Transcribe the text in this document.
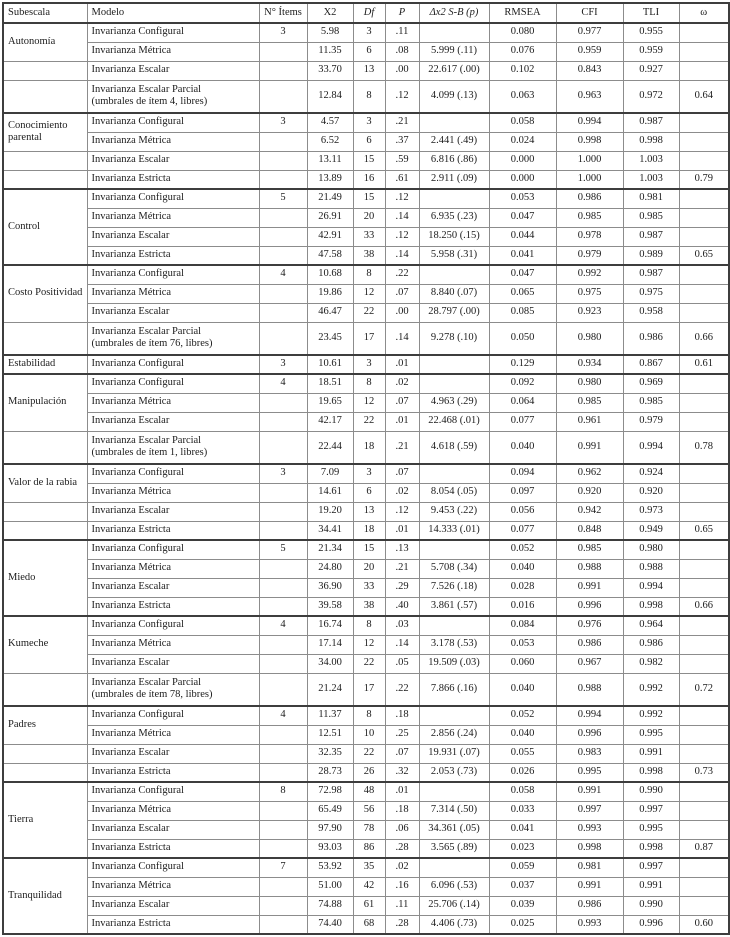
Subescala	Modelo	N° Ítems	X2	Df	P	Δx2 S-B (p)	RMSEA	CFI	TLI	ω
Autonomía	Invarianza Configural	3	5.98	3	.11		0.080	0.977	0.955	
	Invarianza Métrica		11.35	6	.08	5.999 (.11)	0.076	0.959	0.959	
	Invarianza Escalar		33.70	13	.00	22.617 (.00)	0.102	0.843	0.927	
	Invarianza Escalar Parcial
(umbrales de ítem 4, libres)		12.84	8	.12	4.099 (.13)	0.063	0.963	0.972	0.64
Conocimiento parental	Invarianza Configural	3	4.57	3	.21		0.058	0.994	0.987	
	Invarianza Métrica		6.52	6	.37	2.441 (.49)	0.024	0.998	0.998	
	Invarianza Escalar		13.11	15	.59	6.816 (.86)	0.000	1.000	1.003	
	Invarianza Estricta		13.89	16	.61	2.911 (.09)	0.000	1.000	1.003	0.79
Control	Invarianza Configural	5	21.49	15	.12		0.053	0.986	0.981	
	Invarianza Métrica		26.91	20	.14	6.935 (.23)	0.047	0.985	0.985	
	Invarianza Escalar		42.91	33	.12	18.250 (.15)	0.044	0.978	0.987	
	Invarianza Estricta		47.58	38	.14	5.958 (.31)	0.041	0.979	0.989	0.65
Costo Positividad	Invarianza Configural	4	10.68	8	.22		0.047	0.992	0.987	
	Invarianza Métrica		19.86	12	.07	8.840 (.07)	0.065	0.975	0.975	
	Invarianza Escalar		46.47	22	.00	28.797 (.00)	0.085	0.923	0.958	
	Invarianza Escalar Parcial
(umbrales de ítem 76, libres)		23.45	17	.14	9.278 (.10)	0.050	0.980	0.986	0.66
Estabilidad	Invarianza Configural	3	10.61	3	.01		0.129	0.934	0.867	0.61
Manipulación	Invarianza Configural	4	18.51	8	.02		0.092	0.980	0.969	
	Invarianza Métrica		19.65	12	.07	4.963 (.29)	0.064	0.985	0.985	
	Invarianza Escalar		42.17	22	.01	22.468 (.01)	0.077	0.961	0.979	
	Invarianza Escalar Parcial
(umbrales de ítem 1, libres)		22.44	18	.21	4.618 (.59)	0.040	0.991	0.994	0.78
Valor de la rabia	Invarianza Configural	3	7.09	3	.07		0.094	0.962	0.924	
	Invarianza Métrica		14.61	6	.02	8.054 (.05)	0.097	0.920	0.920	
	Invarianza Escalar		19.20	13	.12	9.453 (.22)	0.056	0.942	0.973	
	Invarianza Estricta		34.41	18	.01	14.333 (.01)	0.077	0.848	0.949	0.65
Miedo	Invarianza Configural	5	21.34	15	.13		0.052	0.985	0.980	
	Invarianza Métrica		24.80	20	.21	5.708 (.34)	0.040	0.988	0.988	
	Invarianza Escalar		36.90	33	.29	7.526 (.18)	0.028	0.991	0.994	
	Invarianza Estricta		39.58	38	.40	3.861 (.57)	0.016	0.996	0.998	0.66
Kumeche	Invarianza Configural	4	16.74	8	.03		0.084	0.976	0.964	
	Invarianza Métrica		17.14	12	.14	3.178 (.53)	0.053	0.986	0.986	
	Invarianza Escalar		34.00	22	.05	19.509 (.03)	0.060	0.967	0.982	
	Invarianza Escalar Parcial
(umbrales de ítem 78, libres)		21.24	17	.22	7.866 (.16)	0.040	0.988	0.992	0.72
Padres	Invarianza Configural	4	11.37	8	.18		0.052	0.994	0.992	
	Invarianza Métrica		12.51	10	.25	2.856 (.24)	0.040	0.996	0.995	
	Invarianza Escalar		32.35	22	.07	19.931 (.07)	0.055	0.983	0.991	
	Invarianza Estricta		28.73	26	.32	2.053 (.73)	0.026	0.995	0.998	0.73
Tierra	Invarianza Configural	8	72.98	48	.01		0.058	0.991	0.990	
	Invarianza Métrica		65.49	56	.18	7.314 (.50)	0.033	0.997	0.997	
	Invarianza Escalar		97.90	78	.06	34.361 (.05)	0.041	0.993	0.995	
	Invarianza Estricta		93.03	86	.28	3.565 (.89)	0.023	0.998	0.998	0.87
Tranquilidad	Invarianza Configural	7	53.92	35	.02		0.059	0.981	0.997	
	Invarianza Métrica		51.00	42	.16	6.096 (.53)	0.037	0.991	0.991	
	Invarianza Escalar		74.88	61	.11	25.706 (.14)	0.039	0.986	0.990	
	Invarianza Estricta		74.40	68	.28	4.406 (.73)	0.025	0.993	0.996	0.60
